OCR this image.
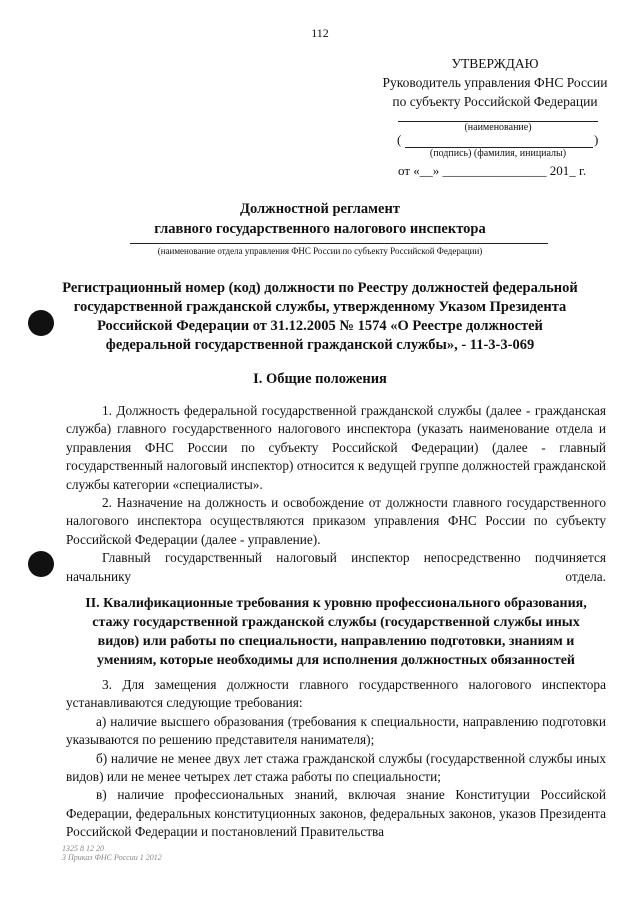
112
УТВЕРЖДАЮ
Руководитель управления ФНС России
по субъекту Российской Федерации
(наименование)
(	)
(подпись) (фамилия, инициалы)
от «__» ________________ 201_ г.
Должностной регламент
главного государственного налогового инспектора
(наименование отдела управления ФНС России по субъекту Российской Федерации)
Регистрационный номер (код) должности по Реестру должностей федеральной
государственной гражданской службы, утвержденному Указом Президента
Российской Федерации от 31.12.2005 № 1574 «О Реестре должностей
федеральной государственной гражданской службы», - 11-3-3-069
I. Общие положения

1. Должность федеральной государственной гражданской службы (далее - гражданская служба) главного государственного налогового инспектора (указать наименование отдела и управления ФНС России по субъекту Российской Федерации) (далее - главный государственный налоговый инспектор) относится к ведущей группе должностей гражданской службы категории «специалисты».

2. Назначение на должность и освобождение от должности главного государственного налогового инспектора осуществляются приказом управления ФНС России по субъекту Российской Федерации (далее - управление).

Главный государственный налоговый инспектор непосредственно подчиняется начальнику отдела.

II. Квалификационные требования к уровню профессионального образования,
стажу государственной гражданской службы (государственной службы иных
видов) или работы по специальности, направлению подготовки, знаниям и
умениям, которые необходимы для исполнения должностных обязанностей

3. Для замещения должности главного государственного налогового инспектора устанавливаются следующие требования:

а) наличие высшего образования (требования к специальности, направлению подготовки указываются по решению представителя нанимателя);

б) наличие не менее двух лет стажа гражданской службы (государственной службы иных видов) или не менее четырех лет стажа работы по специальности;

в) наличие профессиональных знаний, включая знание Конституции Российской Федерации, федеральных конституционных законов, федеральных законов, указов Президента Российской Федерации и постановлений Правительства

1325 8 12 20
3 Приказ ФНС России 1 2012
